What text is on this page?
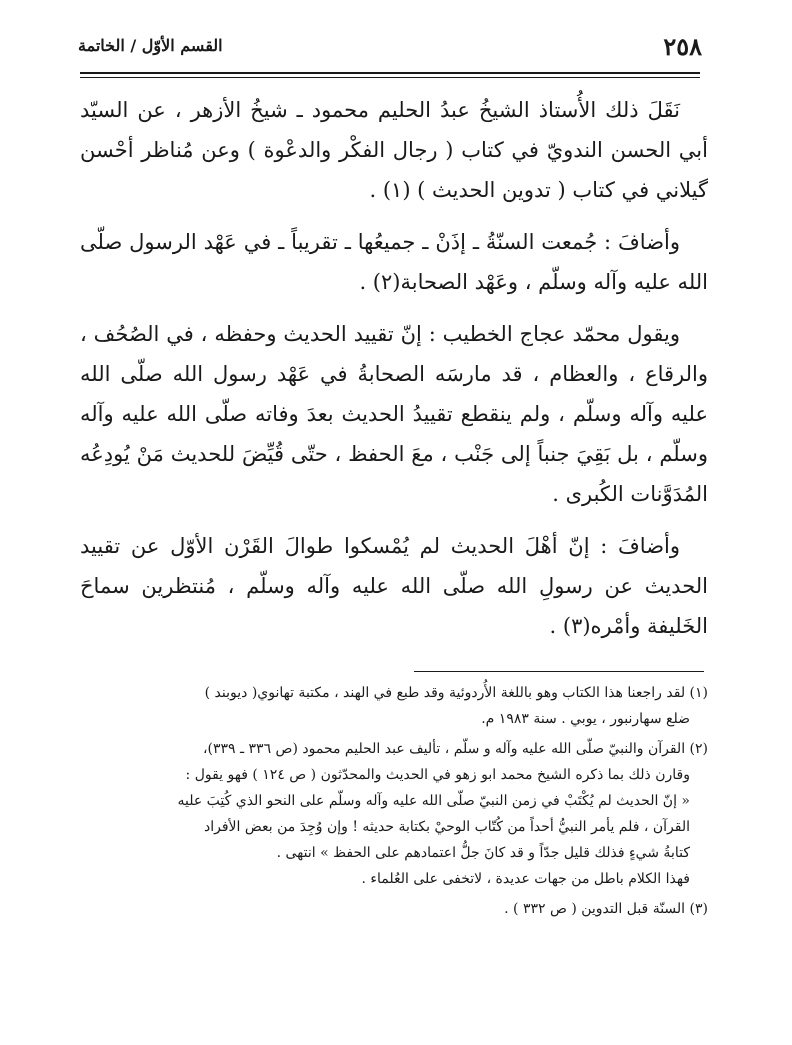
٢٥٨
القسم الأوّل / الخاتمة

نَقَلَ ذلك الأُستاذ الشيخُ عبدُ الحليم محمود ـ شيخُ الأزهر ، عن السيّد أبي الحسن الندويّ في كتاب ( رجال الفكْر والدعْوة ) وعن مُناظر أحْسن گيلاني في كتاب ( تدوين الحديث ) (١) .

وأضافَ : جُمعت السنّةُ ـ إذَنْ ـ جميعُها ـ تقريباً ـ في عَهْد الرسول صلّى الله عليه وآله وسلّم ، وعَهْد الصحابة(٢) .

ويقول محمّد عجاج الخطيب : إنّ تقييد الحديث وحفظه ، في الصُحُف ، والرقاع ، والعظام ، قد مارسَه الصحابةُ في عَهْد رسول الله صلّى الله عليه وآله وسلّم ، ولم ينقطع تقييدُ الحديث بعدَ وفاته صلّى الله عليه وآله وسلّم ، بل بَقِيَ جنباً إلى جَنْب ، معَ الحفظ ، حتّى قُيِّضَ للحديث مَنْ يُودِعُه المُدَوَّنات الكُبرى .

وأضافَ : إنّ أهْلَ الحديث لم يُمْسكوا طوالَ القَرْن الأوّل عن تقييد الحديث عن رسولِ الله صلّى الله عليه وآله وسلّم ، مُنتظرين سماحَ الخَليفة وأمْره(٣) .

(١) لقد راجعنا هذا الكتاب وهو باللغة الأُردوئية وقد طبع في الهند ، مكتبة تهانوي( ديوبند )

ضلع سهارنبور ، يوبي . سنة ١٩٨٣ م.

(٢) القرآن والنبيّ صلّى الله عليه وآله و سلّم ، تأليف عبد الحليم محمود (ص ٣٣٦ ـ ٣٣٩)،

وقارن ذلك بما ذكره الشيخ محمد ابو زهو في الحديث والمحدّثون ( ص ١٢٤ ) فهو يقول :

« إنّ الحديث لم يُكْتَبْ في زمن النبيّ صلّى الله عليه وآله وسلّم على النحو الذي كُتِبَ عليه

القرآن ، فلم يأمر النبيُّ أحداً من كُتّاب الوحيْ بكتابة حديثه ! وإن وُجِدَ من بعض الأفراد

كتابةُ شيءٍ فذلك قليل جدّاً و قد كانَ جلُّ اعتمادهم على الحفظ » انتهى .

فهذا الكلام باطل من جهات عديدة ، لاتخفى على العُلماء .

(٣) السنّة قبل التدوين ( ص ٣٣٢ ) .
